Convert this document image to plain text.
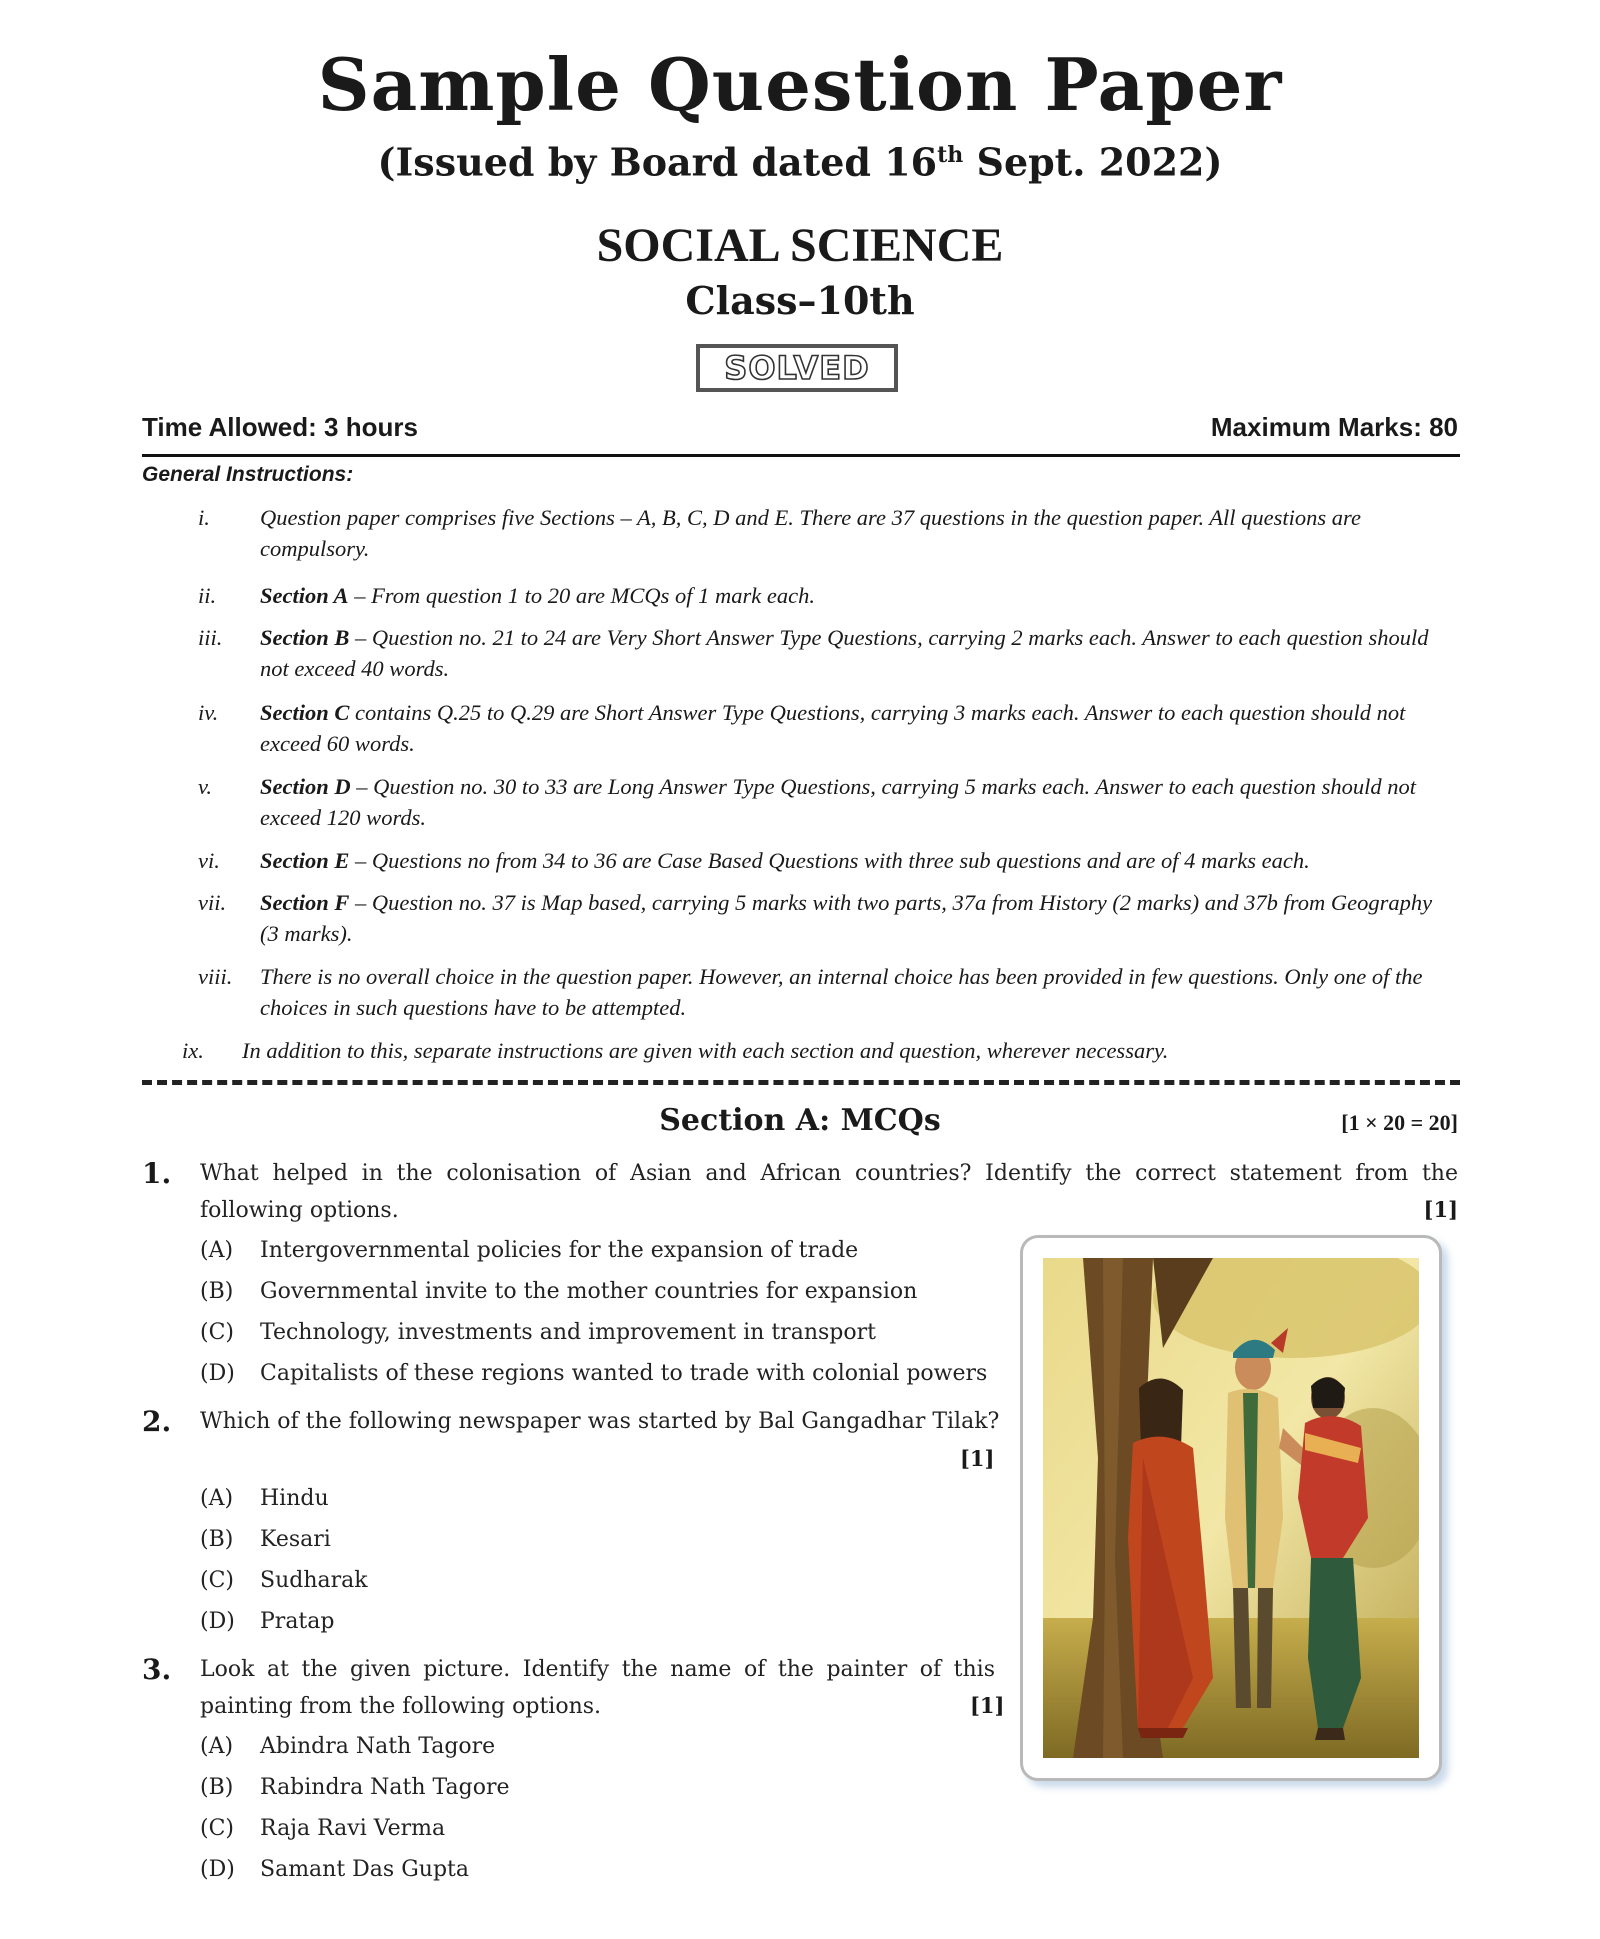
Sample Question Paper
(Issued by Board dated 16th Sept. 2022)
SOCIAL SCIENCE
Class–10th
SOLVED
Time Allowed: 3 hours	Maximum Marks: 80
General Instructions:
i. Question paper comprises five Sections – A, B, C, D and E. There are 37 questions in the question paper. All questions are compulsory.
ii. Section A – From question 1 to 20 are MCQs of 1 mark each.
iii. Section B – Question no. 21 to 24 are Very Short Answer Type Questions, carrying 2 marks each. Answer to each question should not exceed 40 words.
iv. Section C contains Q.25 to Q.29 are Short Answer Type Questions, carrying 3 marks each. Answer to each question should not exceed 60 words.
v. Section D – Question no. 30 to 33 are Long Answer Type Questions, carrying 5 marks each. Answer to each question should not exceed 120 words.
vi. Section E – Questions no from 34 to 36 are Case Based Questions with three sub questions and are of 4 marks each.
vii. Section F – Question no. 37 is Map based, carrying 5 marks with two parts, 37a from History (2 marks) and 37b from Geography (3 marks).
viii. There is no overall choice in the question paper. However, an internal choice has been provided in few questions. Only one of the choices in such questions have to be attempted.
ix. In addition to this, separate instructions are given with each section and question, wherever necessary.
Section A: MCQs	[1 × 20 = 20]
1. What helped in the colonisation of Asian and African countries? Identify the correct statement from the following options.	[1]
(A) Intergovernmental policies for the expansion of trade
(B) Governmental invite to the mother countries for expansion
(C) Technology, investments and improvement in transport
(D) Capitalists of these regions wanted to trade with colonial powers
2. Which of the following newspaper was started by Bal Gangadhar Tilak?
[1]
(A) Hindu
(B) Kesari
(C) Sudharak
(D) Pratap
3. Look at the given picture. Identify the name of the painter of this painting from the following options.	[1]
(A) Abindra Nath Tagore
(B) Rabindra Nath Tagore
(C) Raja Ravi Verma
(D) Samant Das Gupta
